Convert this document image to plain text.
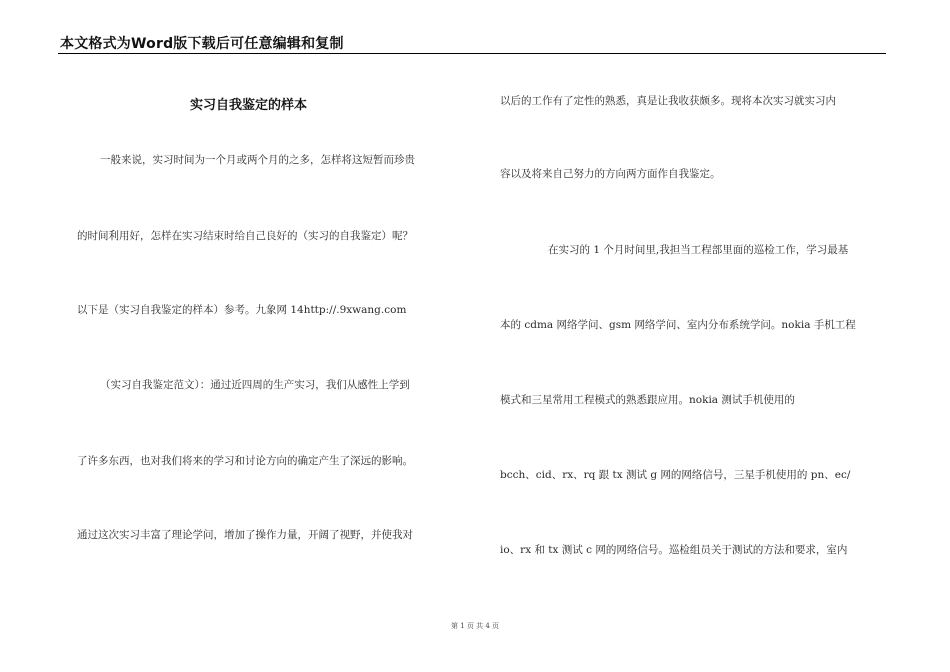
本文格式为Word版下载后可任意编辑和复制
实习自我鉴定的样本
一般来说，实习时间为一个月或两个月的之多，怎样将这短暂而珍贵
的时间利用好，怎样在实习结束时给自己良好的（实习的自我鉴定）呢？
以下是（实习自我鉴定的样本）参考。九象网 14http://.9xwang.com
（实习自我鉴定范文）：通过近四周的生产实习，我们从感性上学到
了许多东西，也对我们将来的学习和讨论方向的确定产生了深远的影响。
通过这次实习丰富了理论学问，增加了操作力量，开阔了视野，并使我对
以后的工作有了定性的熟悉，真是让我收获颇多。现将本次实习就实习内
容以及将来自己努力的方向两方面作自我鉴定。
在实习的 1 个月时间里,我担当工程部里面的巡检工作，学习最基
本的 cdma 网络学问、gsm 网络学问、室内分布系统学问。nokia 手机工程
模式和三星常用工程模式的熟悉跟应用。nokia 测试手机使用的
bcch、cid、rx、rq 跟 tx 测试 g 网的网络信号，三星手机使用的 pn、ec/
io、rx 和 tx 测试 c 网的网络信号。巡检组员关于测试的方法和要求，室内
第 1 页 共 4 页
